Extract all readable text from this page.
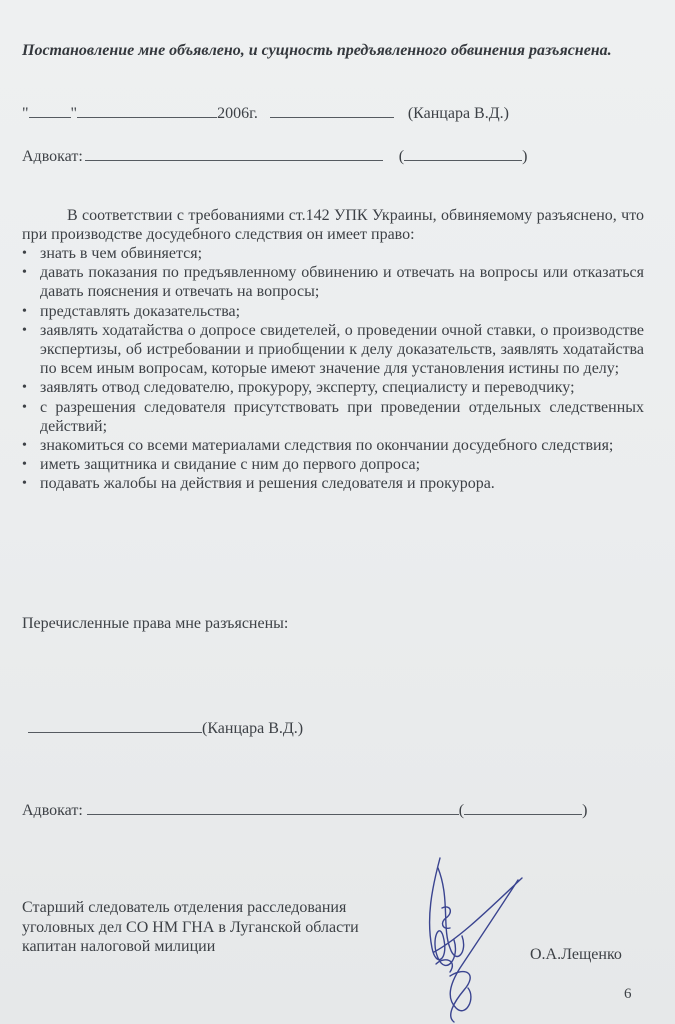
Постановление мне объявлено, и сущность предъявленного обвинения разъяснена.
"	"	2006г.	(Канцара В.Д.)
Адвокат:	(	)
В соответствии с требованиями ст.142 УПК Украины, обвиняемому разъяснено, что при производстве досудебного следствия он имеет право:
• знать в чем обвиняется;
• давать показания по предъявленному обвинению и отвечать на вопросы или отказаться давать пояснения и отвечать на вопросы;
• представлять доказательства;
• заявлять ходатайства о допросе свидетелей, о проведении очной ставки, о производстве экспертизы, об истребовании и приобщении к делу доказательств, заявлять ходатайства по всем иным вопросам, которые имеют значение для установления истины по делу;
• заявлять отвод следователю, прокурору, эксперту, специалисту и переводчику;
• с разрешения следователя присутствовать при проведении отдельных следственных действий;
• знакомиться со всеми материалами следствия по окончании досудебного следствия;
• иметь защитника и свидание с ним до первого допроса;
• подавать жалобы на действия и решения следователя и прокурора.
Перечисленные права мне разъяснены:
(Канцара В.Д.)
Адвокат:	(	)
Старший следователь отделения расследования
уголовных дел СО НМ ГНА в Луганской области
капитан налоговой милиции	О.А.Лещенко
6
